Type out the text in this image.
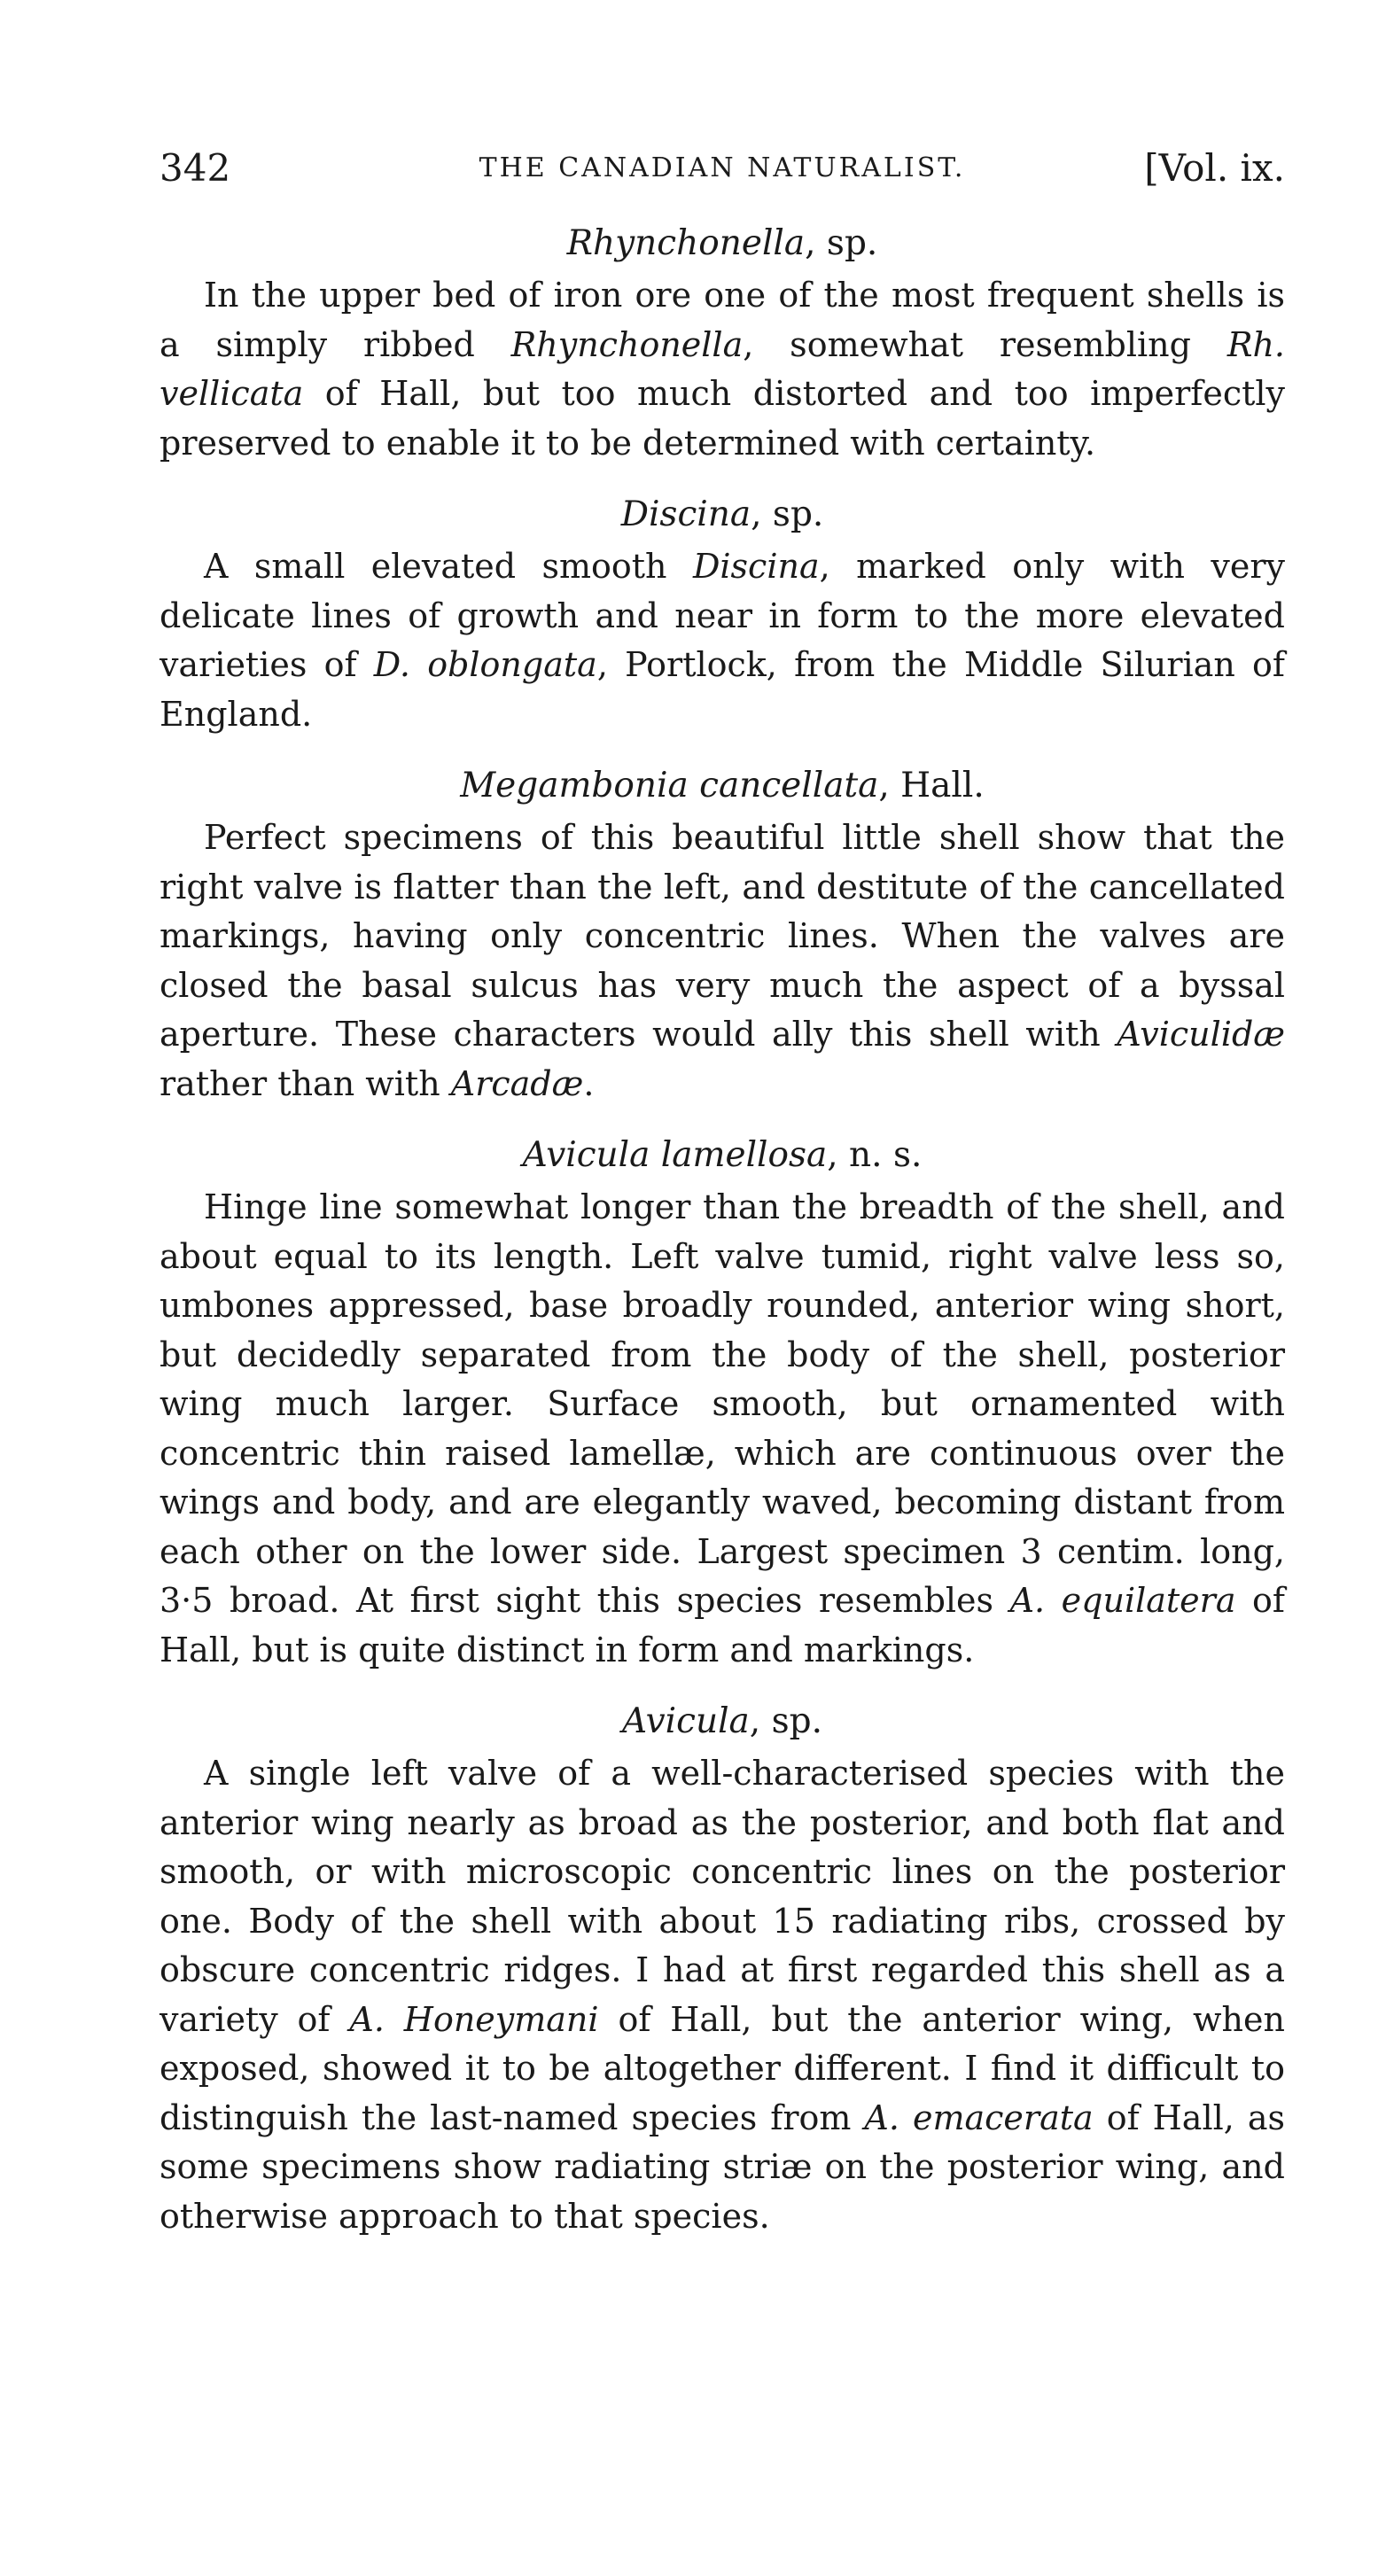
342	THE CANADIAN NATURALIST.	[Vol. ix.
Rhynchonella, sp.

In the upper bed of iron ore one of the most frequent shells is a simply ribbed Rhynchonella, somewhat resembling Rh. vellicata of Hall, but too much distorted and too imperfectly preserved to enable it to be determined with certainty.

Discina, sp.

A small elevated smooth Discina, marked only with very delicate lines of growth and near in form to the more elevated varieties of D. oblongata, Portlock, from the Middle Silurian of England.

Megambonia cancellata, Hall.

Perfect specimens of this beautiful little shell show that the right valve is flatter than the left, and destitute of the cancellated markings, having only concentric lines. When the valves are closed the basal sulcus has very much the aspect of a byssal aperture. These characters would ally this shell with Aviculidæ rather than with Arcadæ.

Avicula lamellosa, n. s.

Hinge line somewhat longer than the breadth of the shell, and about equal to its length. Left valve tumid, right valve less so, umbones appressed, base broadly rounded, anterior wing short, but decidedly separated from the body of the shell, posterior wing much larger. Surface smooth, but ornamented with concentric thin raised lamellæ, which are continuous over the wings and body, and are elegantly waved, becoming distant from each other on the lower side. Largest specimen 3 centim. long, 3·5 broad. At first sight this species resembles A. equilatera of Hall, but is quite distinct in form and markings.

Avicula, sp.

A single left valve of a well-characterised species with the anterior wing nearly as broad as the posterior, and both flat and smooth, or with microscopic concentric lines on the posterior one. Body of the shell with about 15 radiating ribs, crossed by obscure concentric ridges. I had at first regarded this shell as a variety of A. Honeymani of Hall, but the anterior wing, when exposed, showed it to be altogether different. I find it difficult to distinguish the last-named species from A. emacerata of Hall, as some specimens show radiating striæ on the posterior wing, and otherwise approach to that species.
